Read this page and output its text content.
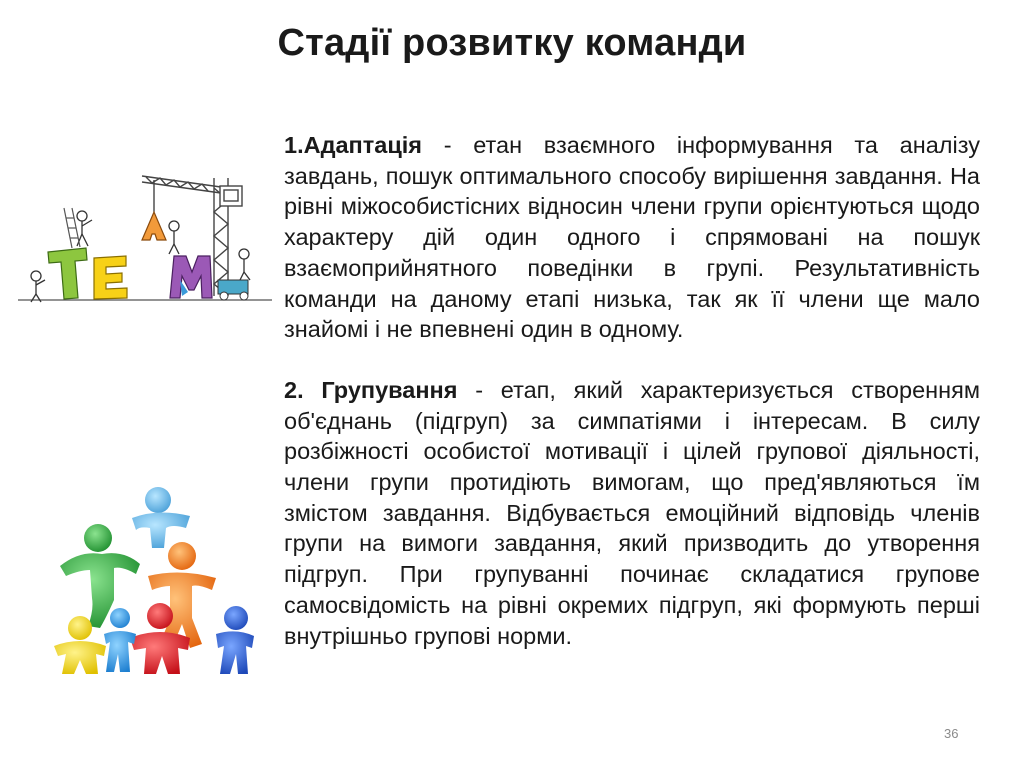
Стадії розвитку команди

1.Адаптація - етан взаємного інформування та аналізу завдань, пошук оптимального способу вирішення завдання. На рівні міжособистісних відносин члени групи орієнтуються щодо характеру дій один одного і спрямовані на пошук взаємоприйнятного поведінки в групі. Результативність команди на даному етапі низька, так як її члени ще мало знайомі і не впевнені один в одному.

2. Групування - етап, який характеризується створенням об'єднань (підгруп) за симпатіями і інтересам. В силу розбіжності особистої мотивації і цілей групової діяльності, члени групи протидіють вимогам, що пред'являються їм змістом завдання. Відбувається емоційний відповідь членів групи на вимоги завдання, який призводить до утворення підгруп. При групуванні починає складатися групове самосвідомість на рівні окремих підгруп, які формують перші внутрішньо групові норми.

36
